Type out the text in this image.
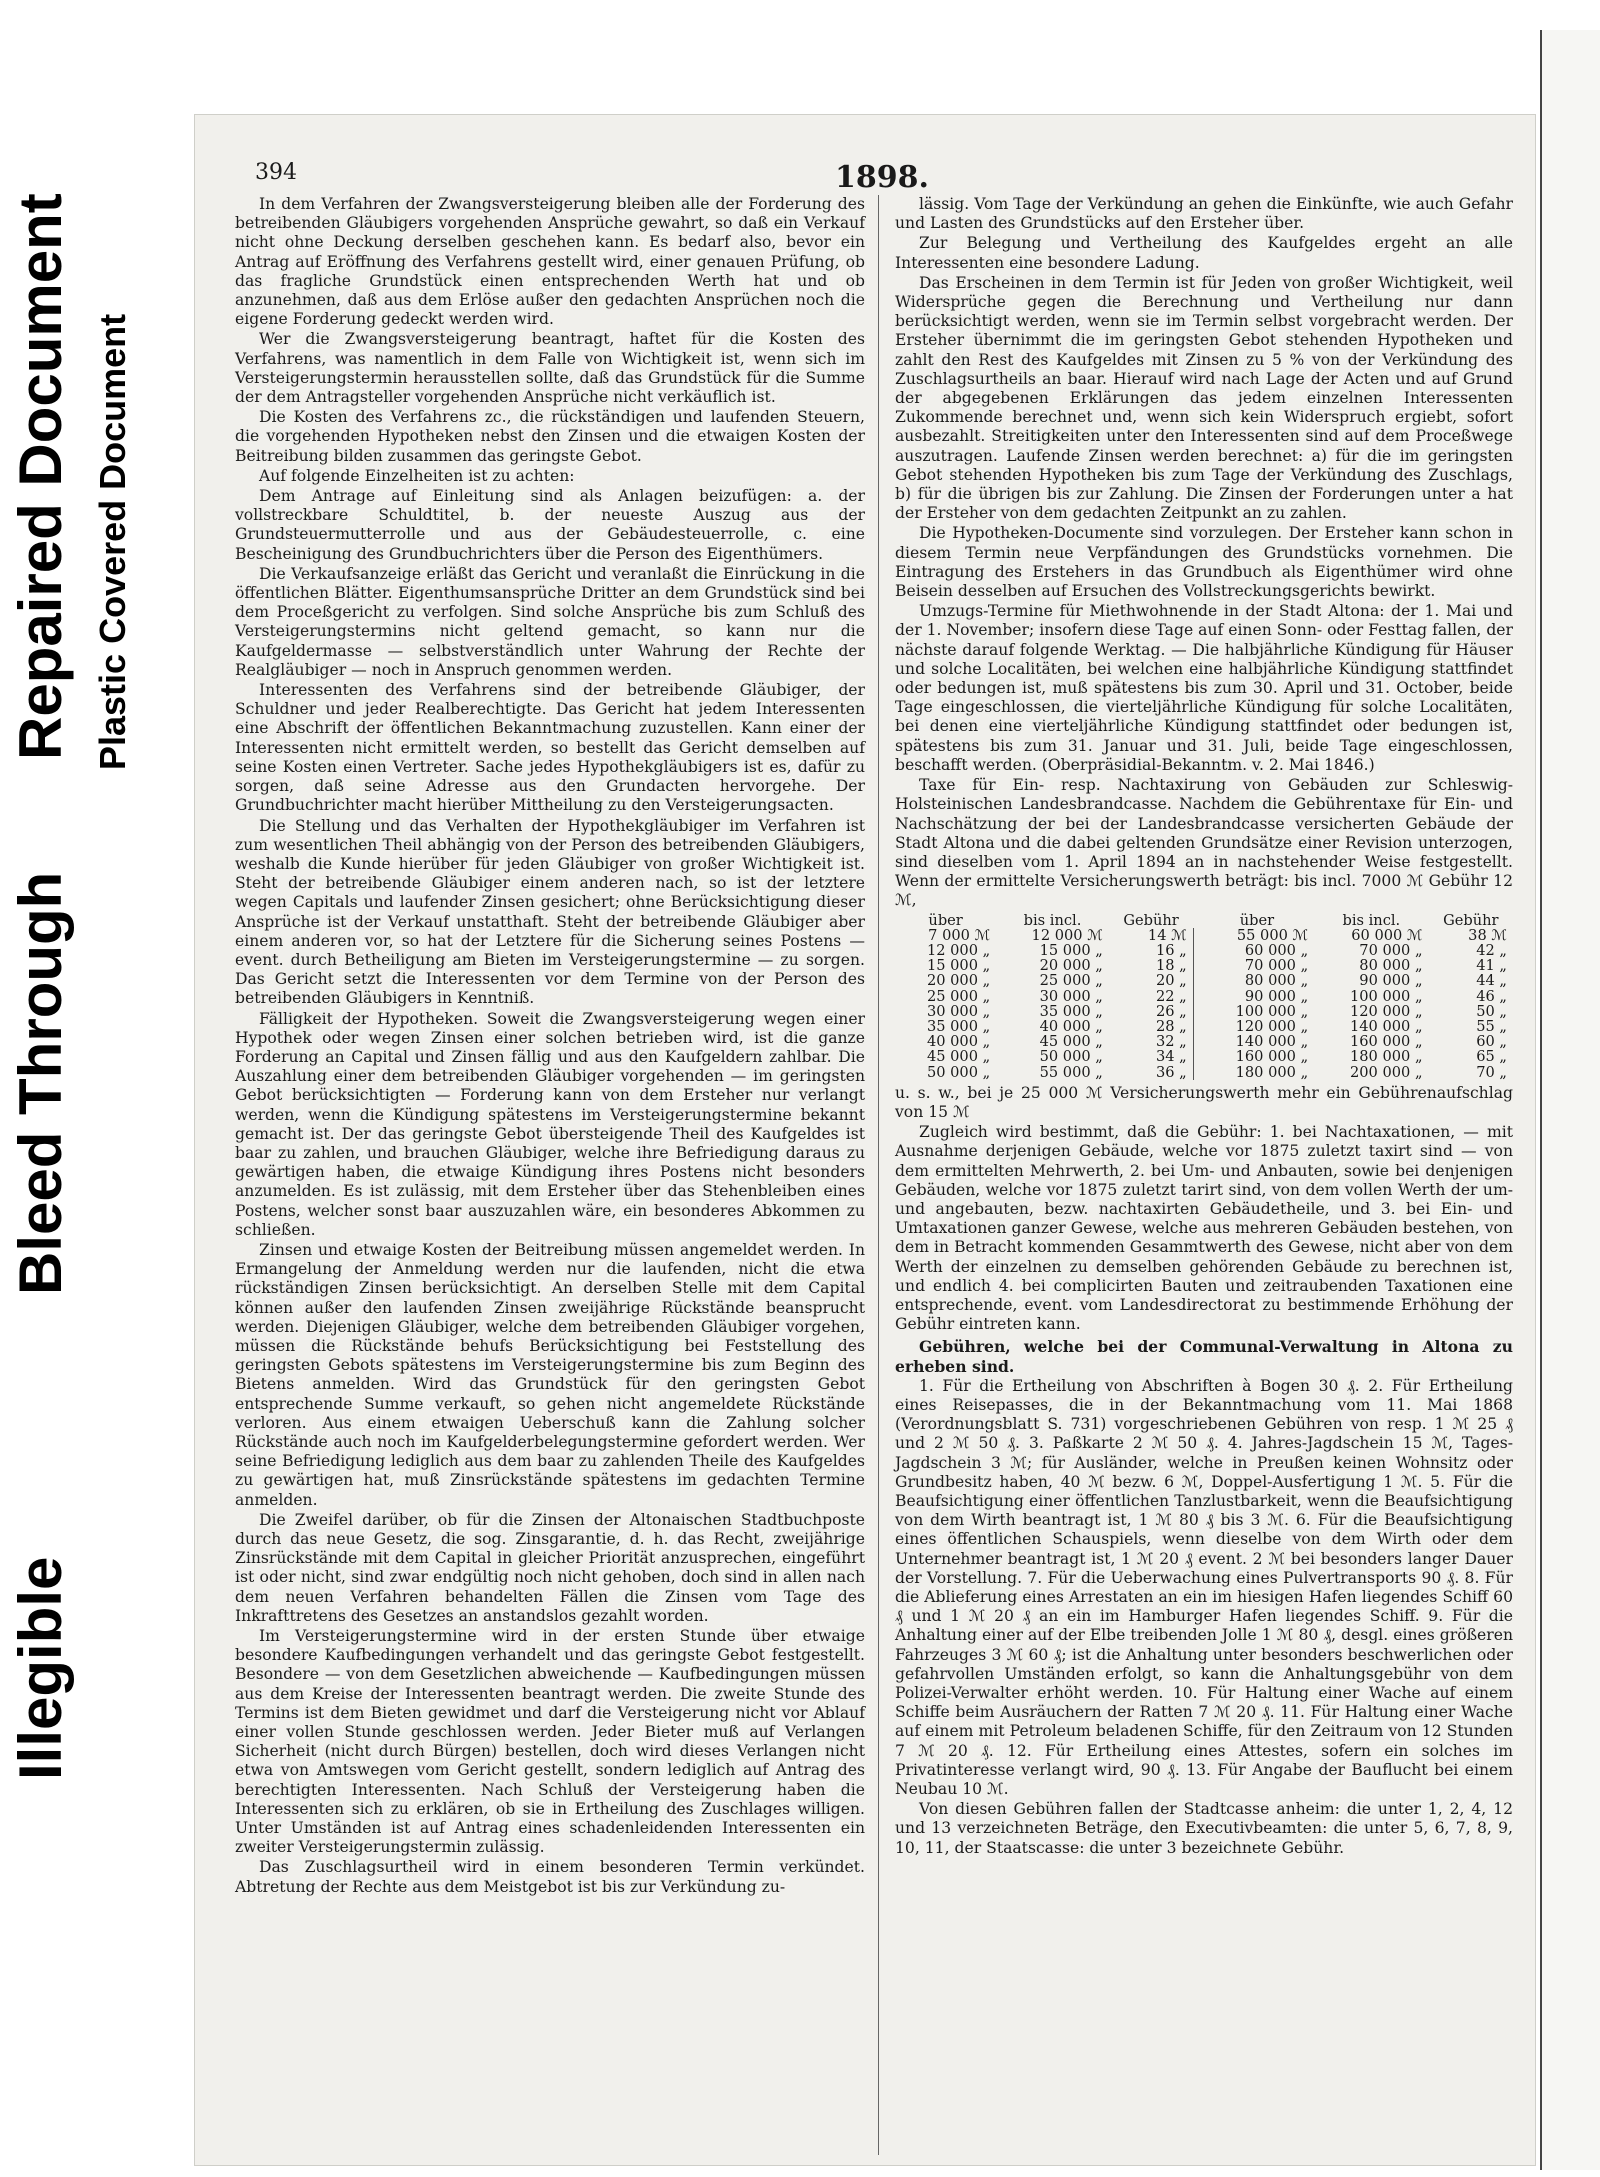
Illegible
Bleed Through
Repaired Document Plastic Covered Document
394	1898.

In dem Verfahren der Zwangsversteigerung bleiben alle der Forderung des betreibenden Gläubigers vorgehenden Ansprüche gewahrt, so daß ein Verkauf nicht ohne Deckung derselben geschehen kann. Es bedarf also, bevor ein Antrag auf Eröffnung des Verfahrens gestellt wird, einer genauen Prüfung, ob das fragliche Grundstück einen entsprechenden Werth hat und ob anzunehmen, daß aus dem Erlöse außer den gedachten Ansprüchen noch die eigene Forderung gedeckt werden wird.

Wer die Zwangsversteigerung beantragt, haftet für die Kosten des Verfahrens, was namentlich in dem Falle von Wichtigkeit ist, wenn sich im Versteigerungstermin herausstellen sollte, daß das Grundstück für die Summe der dem Antragsteller vorgehenden Ansprüche nicht verkäuflich ist.

Die Kosten des Verfahrens zc., die rückständigen und laufenden Steuern, die vorgehenden Hypotheken nebst den Zinsen und die etwaigen Kosten der Beitreibung bilden zusammen das geringste Gebot.

Auf folgende Einzelheiten ist zu achten:

Dem Antrage auf Einleitung sind als Anlagen beizufügen: a. der vollstreckbare Schuldtitel, b. der neueste Auszug aus der Grundsteuermutterrolle und aus der Gebäudesteuerrolle, c. eine Bescheinigung des Grundbuchrichters über die Person des Eigenthümers.

Die Verkaufsanzeige erläßt das Gericht und veranlaßt die Einrückung in die öffentlichen Blätter. Eigenthumsansprüche Dritter an dem Grundstück sind bei dem Proceßgericht zu verfolgen. Sind solche Ansprüche bis zum Schluß des Versteigerungstermins nicht geltend gemacht, so kann nur die Kaufgeldermasse — selbstverständlich unter Wahrung der Rechte der Realgläubiger — noch in Anspruch genommen werden.

Interessenten des Verfahrens sind der betreibende Gläubiger, der Schuldner und jeder Realberechtigte. Das Gericht hat jedem Interessenten eine Abschrift der öffentlichen Bekanntmachung zuzustellen. Kann einer der Interessenten nicht ermittelt werden, so bestellt das Gericht demselben auf seine Kosten einen Vertreter. Sache jedes Hypothekgläubigers ist es, dafür zu sorgen, daß seine Adresse aus den Grundacten hervorgehe. Der Grundbuchrichter macht hierüber Mittheilung zu den Versteigerungsacten.

Die Stellung und das Verhalten der Hypothekgläubiger im Verfahren ist zum wesentlichen Theil abhängig von der Person des betreibenden Gläubigers, weshalb die Kunde hierüber für jeden Gläubiger von großer Wichtigkeit ist. Steht der betreibende Gläubiger einem anderen nach, so ist der letztere wegen Capitals und laufender Zinsen gesichert; ohne Berücksichtigung dieser Ansprüche ist der Verkauf unstatthaft. Steht der betreibende Gläubiger aber einem anderen vor, so hat der Letztere für die Sicherung seines Postens — event. durch Betheiligung am Bieten im Versteigerungstermine — zu sorgen. Das Gericht setzt die Interessenten vor dem Termine von der Person des betreibenden Gläubigers in Kenntniß.

Fälligkeit der Hypotheken. Soweit die Zwangsversteigerung wegen einer Hypothek oder wegen Zinsen einer solchen betrieben wird, ist die ganze Forderung an Capital und Zinsen fällig und aus den Kaufgeldern zahlbar. Die Auszahlung einer dem betreibenden Gläubiger vorgehenden — im geringsten Gebot berücksichtigten — Forderung kann von dem Ersteher nur verlangt werden, wenn die Kündigung spätestens im Versteigerungstermine bekannt gemacht ist. Der das geringste Gebot übersteigende Theil des Kaufgeldes ist baar zu zahlen, und brauchen Gläubiger, welche ihre Befriedigung daraus zu gewärtigen haben, die etwaige Kündigung ihres Postens nicht besonders anzumelden. Es ist zulässig, mit dem Ersteher über das Stehenbleiben eines Postens, welcher sonst baar auszuzahlen wäre, ein besonderes Abkommen zu schließen.

Zinsen und etwaige Kosten der Beitreibung müssen angemeldet werden. In Ermangelung der Anmeldung werden nur die laufenden, nicht die etwa rückständigen Zinsen berücksichtigt. An derselben Stelle mit dem Capital können außer den laufenden Zinsen zweijährige Rückstände beansprucht werden. Diejenigen Gläubiger, welche dem betreibenden Gläubiger vorgehen, müssen die Rückstände behufs Berücksichtigung bei Feststellung des geringsten Gebots spätestens im Versteigerungstermine bis zum Beginn des Bietens anmelden. Wird das Grundstück für den geringsten Gebot entsprechende Summe verkauft, so gehen nicht angemeldete Rückstände verloren. Aus einem etwaigen Ueberschuß kann die Zahlung solcher Rückstände auch noch im Kaufgelderbelegungstermine gefordert werden. Wer seine Befriedigung lediglich aus dem baar zu zahlenden Theile des Kaufgeldes zu gewärtigen hat, muß Zinsrückstände spätestens im gedachten Termine anmelden.

Die Zweifel darüber, ob für die Zinsen der Altonaischen Stadtbuchposte durch das neue Gesetz, die sog. Zinsgarantie, d. h. das Recht, zweijährige Zinsrückstände mit dem Capital in gleicher Priorität anzusprechen, eingeführt ist oder nicht, sind zwar endgültig noch nicht gehoben, doch sind in allen nach dem neuen Verfahren behandelten Fällen die Zinsen vom Tage des Inkrafttretens des Gesetzes an anstandslos gezahlt worden.

Im Versteigerungstermine wird in der ersten Stunde über etwaige besondere Kaufbedingungen verhandelt und das geringste Gebot festgestellt. Besondere — von dem Gesetzlichen abweichende — Kaufbedingungen müssen aus dem Kreise der Interessenten beantragt werden. Die zweite Stunde des Termins ist dem Bieten gewidmet und darf die Versteigerung nicht vor Ablauf einer vollen Stunde geschlossen werden. Jeder Bieter muß auf Verlangen Sicherheit (nicht durch Bürgen) bestellen, doch wird dieses Verlangen nicht etwa von Amtswegen vom Gericht gestellt, sondern lediglich auf Antrag des berechtigten Interessenten. Nach Schluß der Versteigerung haben die Interessenten sich zu erklären, ob sie in Ertheilung des Zuschlages willigen. Unter Umständen ist auf Antrag eines schadenleidenden Interessenten ein zweiter Versteigerungstermin zulässig.

Das Zuschlagsurtheil wird in einem besonderen Termin verkündet. Abtretung der Rechte aus dem Meistgebot ist bis zur Verkündung zu-

lässig. Vom Tage der Verkündung an gehen die Einkünfte, wie auch Gefahr und Lasten des Grundstücks auf den Ersteher über.

Zur Belegung und Vertheilung des Kaufgeldes ergeht an alle Interessenten eine besondere Ladung.

Das Erscheinen in dem Termin ist für Jeden von großer Wichtigkeit, weil Widersprüche gegen die Berechnung und Vertheilung nur dann berücksichtigt werden, wenn sie im Termin selbst vorgebracht werden. Der Ersteher übernimmt die im geringsten Gebot stehenden Hypotheken und zahlt den Rest des Kaufgeldes mit Zinsen zu 5 % von der Verkündung des Zuschlagsurtheils an baar. Hierauf wird nach Lage der Acten und auf Grund der abgegebenen Erklärungen das jedem einzelnen Interessenten Zukommende berechnet und, wenn sich kein Widerspruch ergiebt, sofort ausbezahlt. Streitigkeiten unter den Interessenten sind auf dem Proceßwege auszutragen. Laufende Zinsen werden berechnet: a) für die im geringsten Gebot stehenden Hypotheken bis zum Tage der Verkündung des Zuschlags, b) für die übrigen bis zur Zahlung. Die Zinsen der Forderungen unter a hat der Ersteher von dem gedachten Zeitpunkt an zu zahlen.

Die Hypotheken-Documente sind vorzulegen. Der Ersteher kann schon in diesem Termin neue Verpfändungen des Grundstücks vornehmen. Die Eintragung des Erstehers in das Grundbuch als Eigenthümer wird ohne Beisein desselben auf Ersuchen des Vollstreckungsgerichts bewirkt.

Umzugs-Termine für Miethwohnende in der Stadt Altona: der 1. Mai und der 1. November; insofern diese Tage auf einen Sonn- oder Festtag fallen, der nächste darauf folgende Werktag. — Die halbjährliche Kündigung für Häuser und solche Localitäten, bei welchen eine halbjährliche Kündigung stattfindet oder bedungen ist, muß spätestens bis zum 30. April und 31. October, beide Tage eingeschlossen, die vierteljährliche Kündigung für solche Localitäten, bei denen eine vierteljährliche Kündigung stattfindet oder bedungen ist, spätestens bis zum 31. Januar und 31. Juli, beide Tage eingeschlossen, beschafft werden. (Oberpräsidial-Bekanntm. v. 2. Mai 1846.)

Taxe für Ein- resp. Nachtaxirung von Gebäuden zur Schleswig-Holsteinischen Landesbrandcasse. Nachdem die Gebührentaxe für Ein- und Nachschätzung der bei der Landesbrandcasse versicherten Gebäude der Stadt Altona und die dabei geltenden Grundsätze einer Revision unterzogen, sind dieselben vom 1. April 1894 an in nachstehender Weise festgestellt. Wenn der ermittelte Versicherungswerth beträgt: bis incl. 7000 ℳ Gebühr 12 ℳ,

über	bis incl.	Gebühr		über	bis incl.	Gebühr
7 000 ℳ	12 000 ℳ	14 ℳ		55 000 ℳ	60 000 ℳ	38 ℳ
12 000 „	15 000 „	16 „		60 000 „	70 000 „	42 „
15 000 „	20 000 „	18 „		70 000 „	80 000 „	41 „
20 000 „	25 000 „	20 „		80 000 „	90 000 „	44 „
25 000 „	30 000 „	22 „		90 000 „	100 000 „	46 „
30 000 „	35 000 „	26 „		100 000 „	120 000 „	50 „
35 000 „	40 000 „	28 „		120 000 „	140 000 „	55 „
40 000 „	45 000 „	32 „		140 000 „	160 000 „	60 „
45 000 „	50 000 „	34 „		160 000 „	180 000 „	65 „
50 000 „	55 000 „	36 „		180 000 „	200 000 „	70 „

u. s. w., bei je 25 000 ℳ Versicherungswerth mehr ein Gebührenaufschlag von 15 ℳ

Zugleich wird bestimmt, daß die Gebühr: 1. bei Nachtaxationen, — mit Ausnahme derjenigen Gebäude, welche vor 1875 zuletzt taxirt sind — von dem ermittelten Mehrwerth, 2. bei Um- und Anbauten, sowie bei denjenigen Gebäuden, welche vor 1875 zuletzt tarirt sind, von dem vollen Werth der um- und angebauten, bezw. nachtaxirten Gebäudetheile, und 3. bei Ein- und Umtaxationen ganzer Gewese, welche aus mehreren Gebäuden bestehen, von dem in Betracht kommenden Gesammtwerth des Gewese, nicht aber von dem Werth der einzelnen zu demselben gehörenden Gebäude zu berechnen ist, und endlich 4. bei complicirten Bauten und zeitraubenden Taxationen eine entsprechende, event. vom Landesdirectorat zu bestimmende Erhöhung der Gebühr eintreten kann.

Gebühren, welche bei der Communal-Verwaltung in Altona zu erheben sind.

1. Für die Ertheilung von Abschriften à Bogen 30 ₰. 2. Für Ertheilung eines Reisepasses, die in der Bekanntmachung vom 11. Mai 1868 (Verordnungsblatt S. 731) vorgeschriebenen Gebühren von resp. 1 ℳ 25 ₰ und 2 ℳ 50 ₰. 3. Paßkarte 2 ℳ 50 ₰. 4. Jahres-Jagdschein 15 ℳ, Tages-Jagdschein 3 ℳ; für Ausländer, welche in Preußen keinen Wohnsitz oder Grundbesitz haben, 40 ℳ bezw. 6 ℳ, Doppel-Ausfertigung 1 ℳ. 5. Für die Beaufsichtigung einer öffentlichen Tanzlustbarkeit, wenn die Beaufsichtigung von dem Wirth beantragt ist, 1 ℳ 80 ₰ bis 3 ℳ. 6. Für die Beaufsichtigung eines öffentlichen Schauspiels, wenn dieselbe von dem Wirth oder dem Unternehmer beantragt ist, 1 ℳ 20 ₰ event. 2 ℳ bei besonders langer Dauer der Vorstellung. 7. Für die Ueberwachung eines Pulvertransports 90 ₰. 8. Für die Ablieferung eines Arrestaten an ein im hiesigen Hafen liegendes Schiff 60 ₰ und 1 ℳ 20 ₰ an ein im Hamburger Hafen liegendes Schiff. 9. Für die Anhaltung einer auf der Elbe treibenden Jolle 1 ℳ 80 ₰, desgl. eines größeren Fahrzeuges 3 ℳ 60 ₰; ist die Anhaltung unter besonders beschwerlichen oder gefahrvollen Umständen erfolgt, so kann die Anhaltungsgebühr von dem Polizei-Verwalter erhöht werden. 10. Für Haltung einer Wache auf einem Schiffe beim Ausräuchern der Ratten 7 ℳ 20 ₰. 11. Für Haltung einer Wache auf einem mit Petroleum beladenen Schiffe, für den Zeitraum von 12 Stunden 7 ℳ 20 ₰. 12. Für Ertheilung eines Attestes, sofern ein solches im Privatinteresse verlangt wird, 90 ₰. 13. Für Angabe der Bauflucht bei einem Neubau 10 ℳ.

Von diesen Gebühren fallen der Stadtcasse anheim: die unter 1, 2, 4, 12 und 13 verzeichneten Beträge, den Executivbeamten: die unter 5, 6, 7, 8, 9, 10, 11, der Staatscasse: die unter 3 bezeichnete Gebühr.
